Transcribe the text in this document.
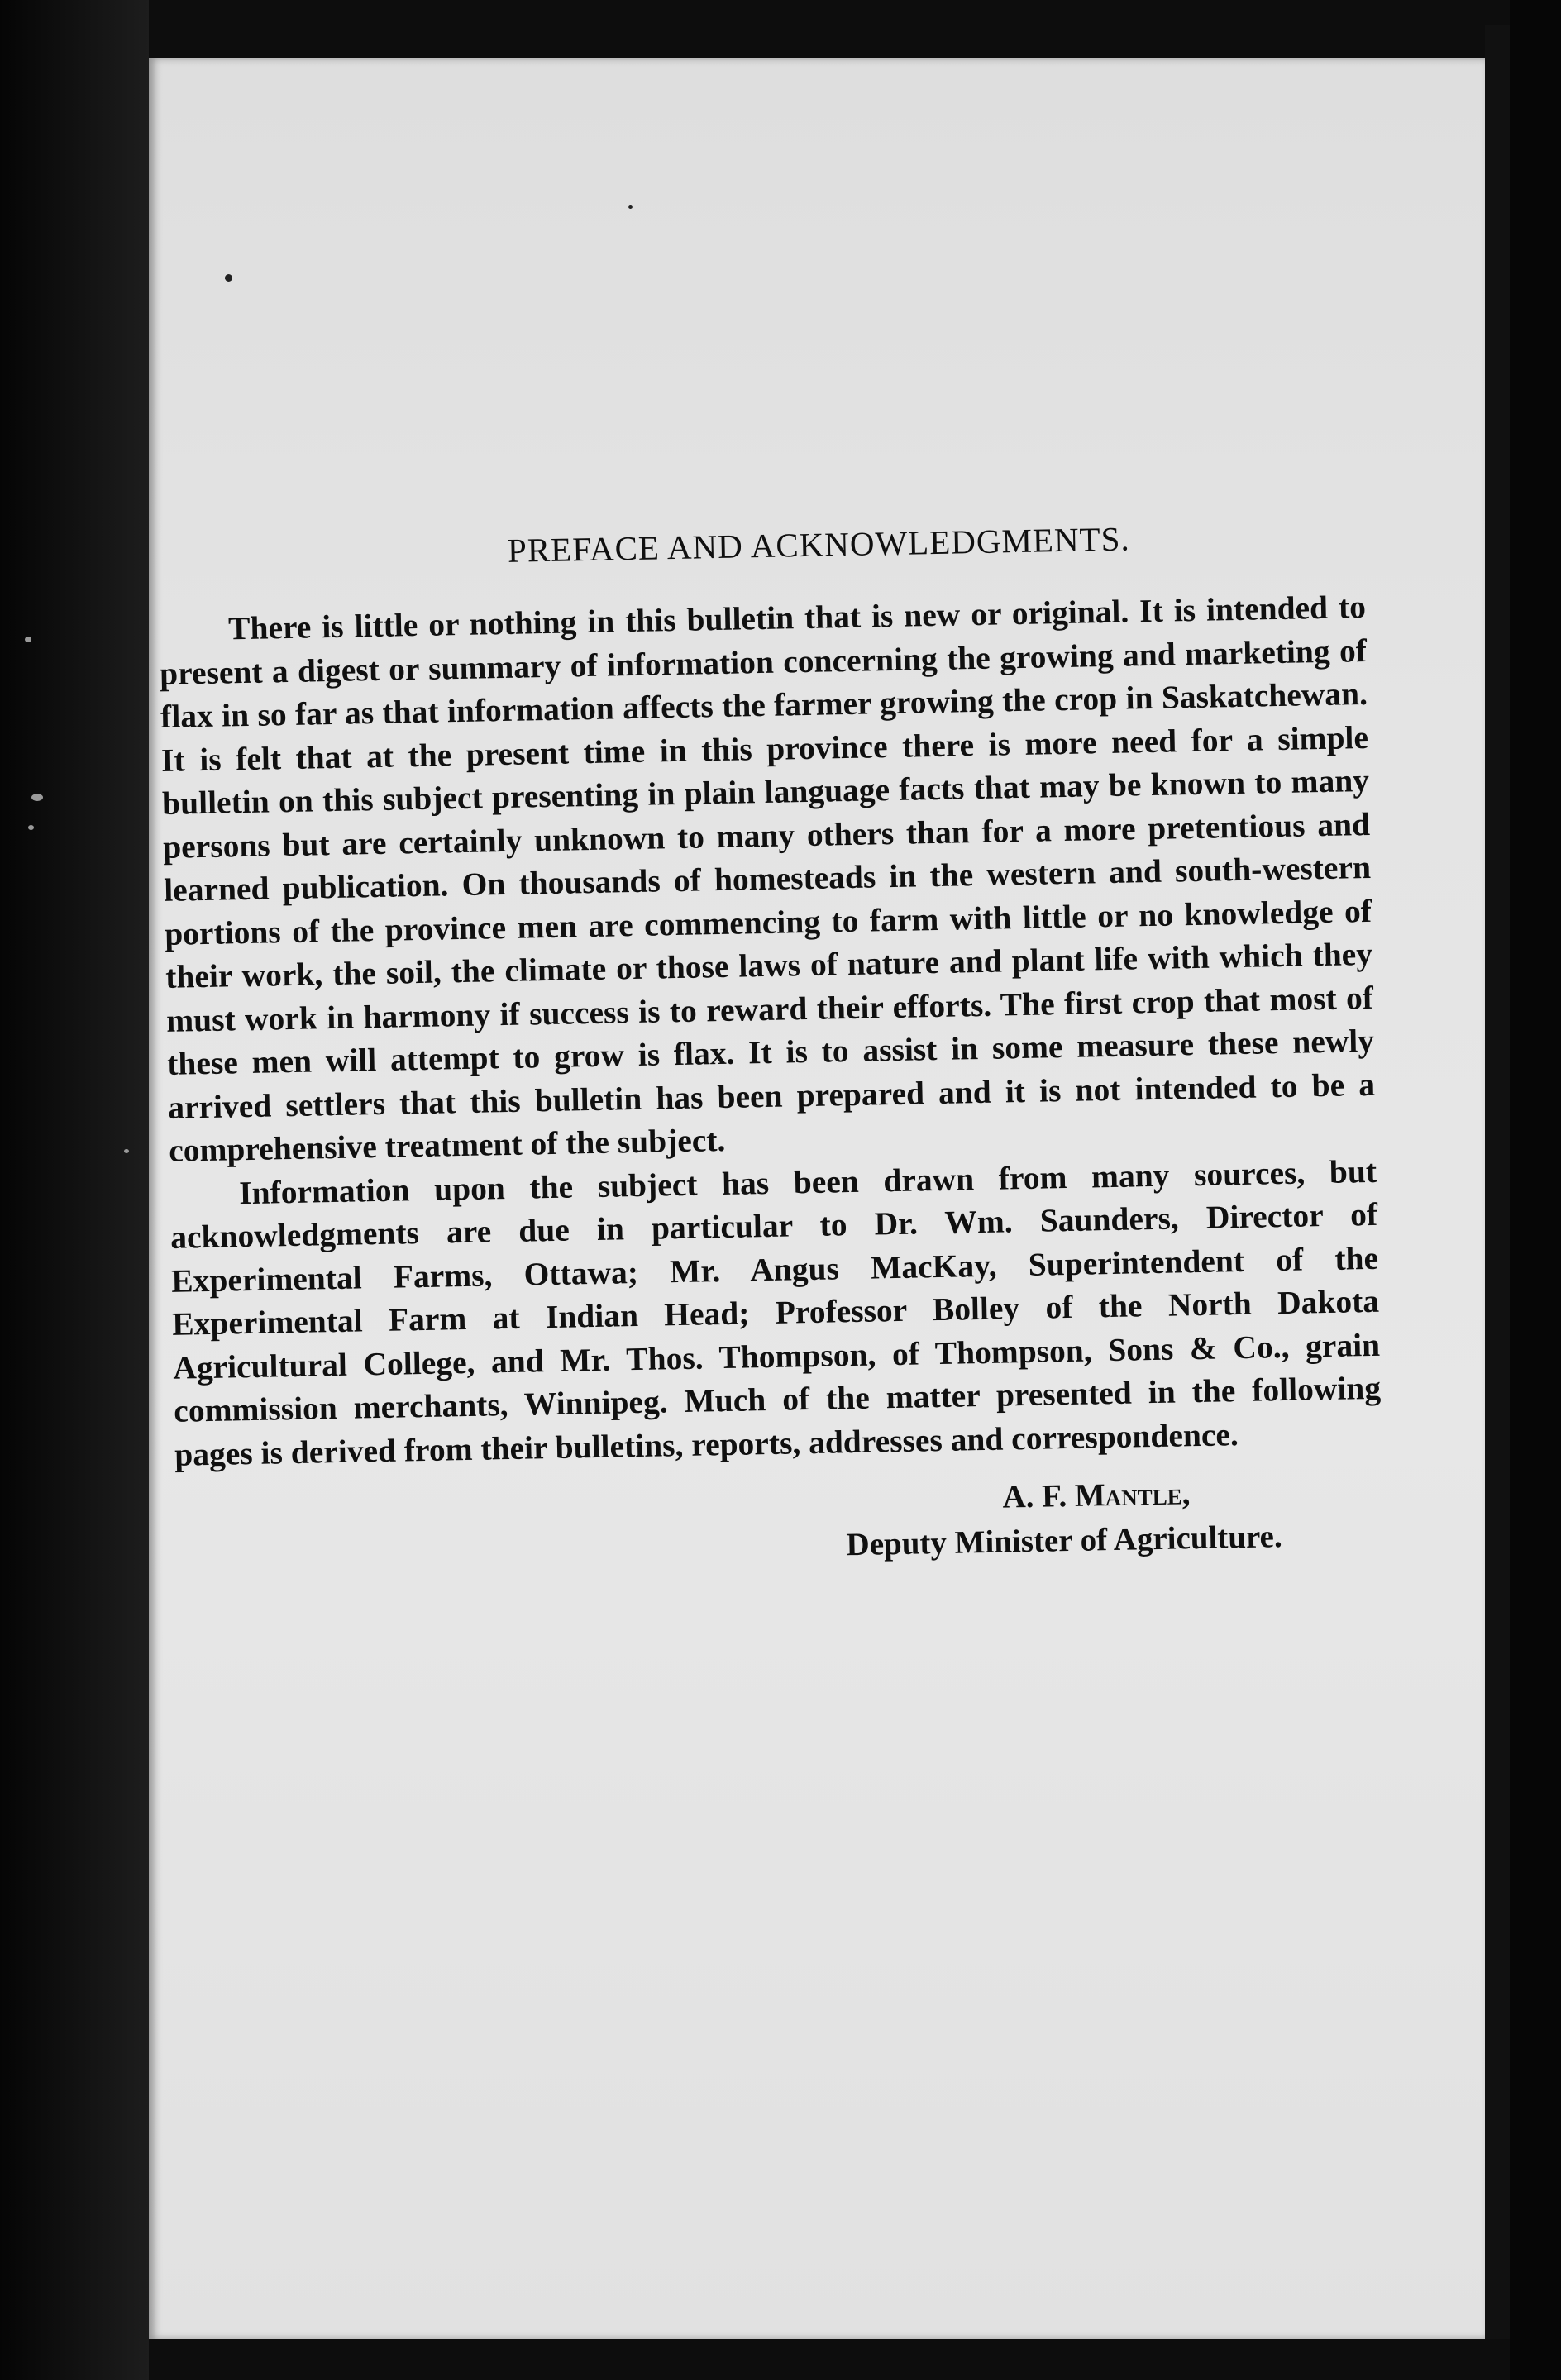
PREFACE AND ACKNOWLEDGMENTS.

There is little or nothing in this bulletin that is new or original. It is intended to present a digest or summary of information concerning the growing and marketing of flax in so far as that information affects the farmer growing the crop in Saskatchewan. It is felt that at the present time in this province there is more need for a simple bulletin on this subject presenting in plain language facts that may be known to many persons but are certainly unknown to many others than for a more pretentious and learned publication. On thousands of homesteads in the western and south-western portions of the province men are commencing to farm with little or no knowledge of their work, the soil, the climate or those laws of nature and plant life with which they must work in harmony if success is to reward their efforts. The first crop that most of these men will attempt to grow is flax. It is to assist in some measure these newly arrived settlers that this bulletin has been prepared and it is not intended to be a comprehensive treatment of the subject.

Information upon the subject has been drawn from many sources, but acknowledgments are due in particular to Dr. Wm. Saunders, Director of Experimental Farms, Ottawa; Mr. Angus MacKay, Superintendent of the Experimental Farm at Indian Head; Professor Bolley of the North Dakota Agricultural College, and Mr. Thos. Thompson, of Thompson, Sons & Co., grain commission merchants, Winnipeg. Much of the matter presented in the following pages is derived from their bulletins, reports, addresses and correspondence.

A. F. Mantle,
Deputy Minister of Agriculture.
